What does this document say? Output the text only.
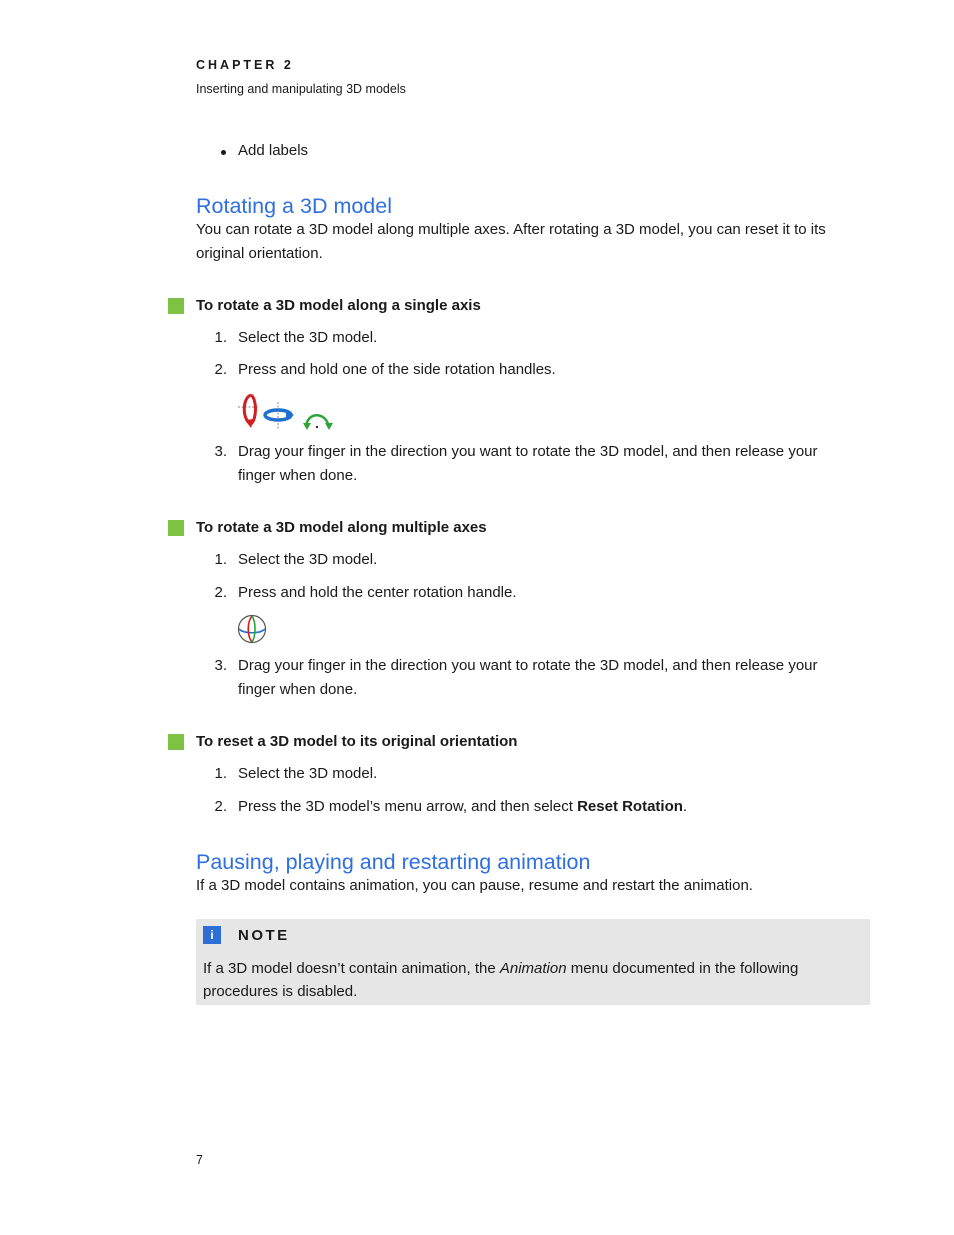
CHAPTER 2
Inserting and manipulating 3D models
Add labels
Rotating a 3D model
You can rotate a 3D model along multiple axes. After rotating a 3D model, you can reset it to its original orientation.
To rotate a 3D model along a single axis
1. Select the 3D model.
2. Press and hold one of the side rotation handles.
3. Drag your finger in the direction you want to rotate the 3D model, and then release your finger when done.
To rotate a 3D model along multiple axes
1. Select the 3D model.
2. Press and hold the center rotation handle.
3. Drag your finger in the direction you want to rotate the 3D model, and then release your finger when done.
To reset a 3D model to its original orientation
1. Select the 3D model.
2. Press the 3D model’s menu arrow, and then select Reset Rotation.
Pausing, playing and restarting animation
If a 3D model contains animation, you can pause, resume and restart the animation.
i	NOTE
If a 3D model doesn’t contain animation, the Animation menu documented in the following procedures is disabled.
7
